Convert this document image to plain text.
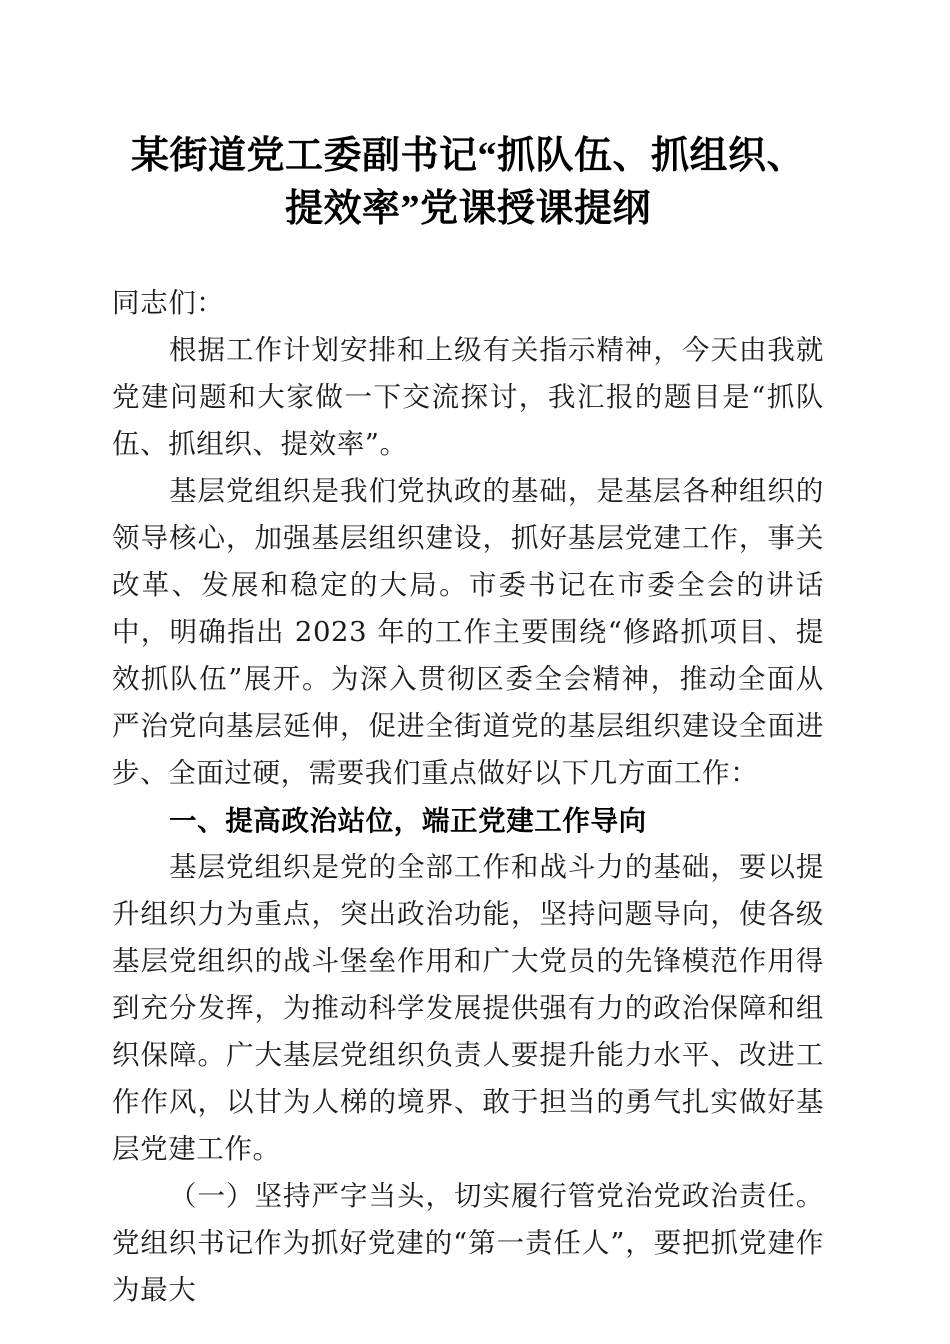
某街道党工委副书记“抓队伍、抓组织、提效率”党课授课提纲

同志们：

根据工作计划安排和上级有关指示精神，今天由我就党建问题和大家做一下交流探讨，我汇报的题目是“抓队伍、抓组织、提效率”。

基层党组织是我们党执政的基础，是基层各种组织的领导核心，加强基层组织建设，抓好基层党建工作，事关改革、发展和稳定的大局。市委书记在市委全会的讲话中，明确指出 2023 年的工作主要围绕“修路抓项目、提效抓队伍”展开。为深入贯彻区委全会精神，推动全面从严治党向基层延伸，促进全街道党的基层组织建设全面进步、全面过硬，需要我们重点做好以下几方面工作：

一、提高政治站位，端正党建工作导向

基层党组织是党的全部工作和战斗力的基础，要以提升组织力为重点，突出政治功能，坚持问题导向，使各级基层党组织的战斗堡垒作用和广大党员的先锋模范作用得到充分发挥，为推动科学发展提供强有力的政治保障和组织保障。广大基层党组织负责人要提升能力水平、改进工作作风，以甘为人梯的境界、敢于担当的勇气扎实做好基层党建工作。

（一）坚持严字当头，切实履行管党治党政治责任。党组织书记作为抓好党建的“第一责任人”，要把抓党建作为最大
